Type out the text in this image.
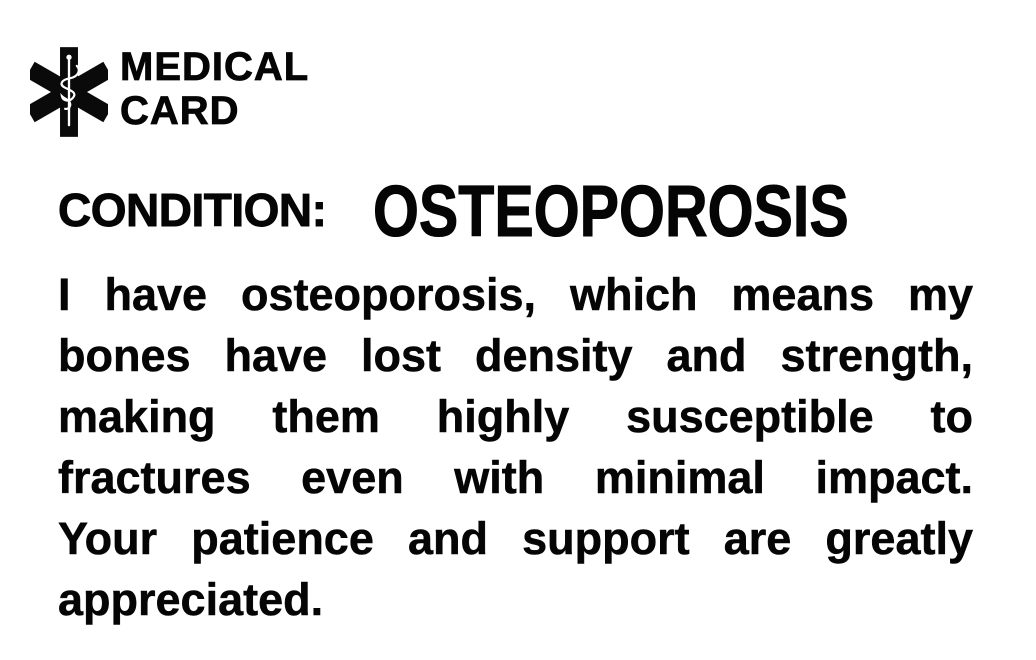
MEDICAL
CARD
CONDITION: OSTEOPOROSIS
I have osteoporosis, which means my
bones have lost density and strength,
making them highly susceptible to
fractures even with minimal impact.
Your patience and support are greatly
appreciated.
